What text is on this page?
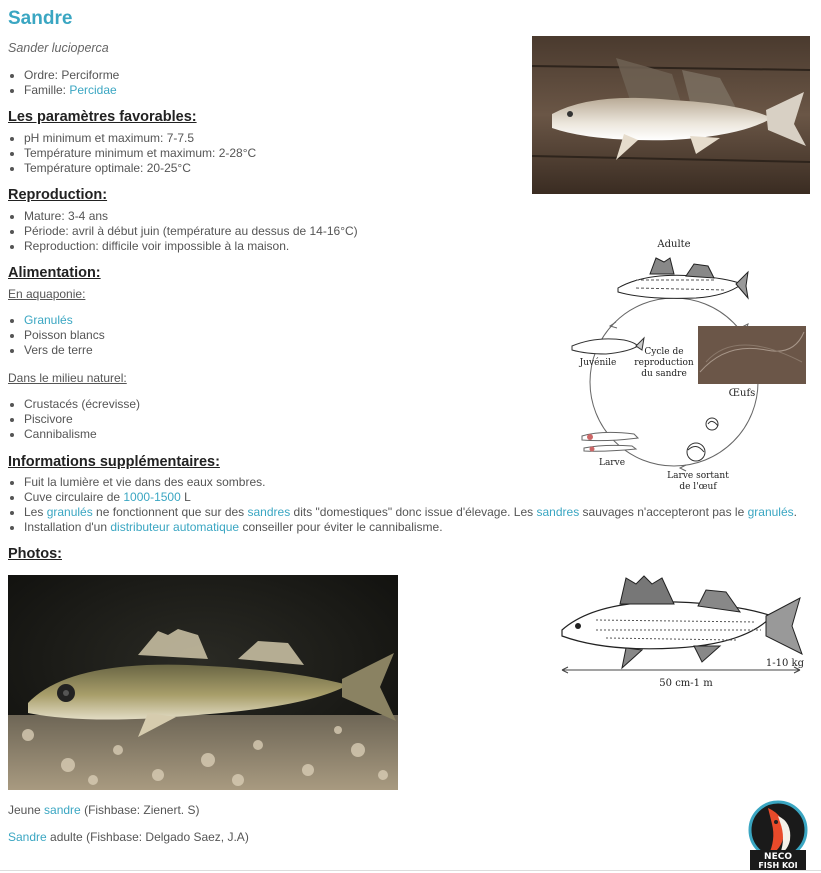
Sandre
Sander lucioperca
• Ordre: Perciforme
• Famille: Percidae
Les paramètres favorables:
• pH minimum et maximum: 7-7.5
• Température minimum et maximum: 2-28°C
• Température optimale: 20-25°C
Reproduction:
• Mature: 3-4 ans
• Période: avril à début juin (température au dessus de 14-16°C)
• Reproduction: difficile voir impossible à la maison.
Alimentation:
En aquaponie:
• Granulés
• Poisson blancs
• Vers de terre
Dans le milieu naturel:
• Crustacés (écrevisse)
• Piscivore
• Cannibalisme
Informations supplémentaires:
• Fuit la lumière et vie dans des eaux sombres.
• Cuve circulaire de 1000-1500 L
• Les granulés ne fonctionnent que sur des sandres dits "domestiques" donc issue d'élevage. Les sandres sauvages n'accepteront pas le granulés.
• Installation d'un distributeur automatique conseiller pour éviter le cannibalisme.
Photos:
Adulte
Cycle de
reproduction
du sandre
Œufs
Juvénile
Larve
Larve sortant
de l'œuf
1-10 kg
50 cm-1 m
Jeune sandre (Fishbase: Zienert. S)
Sandre adulte (Fishbase: Delgado Saez, J.A)
NECO
FISH KOI
